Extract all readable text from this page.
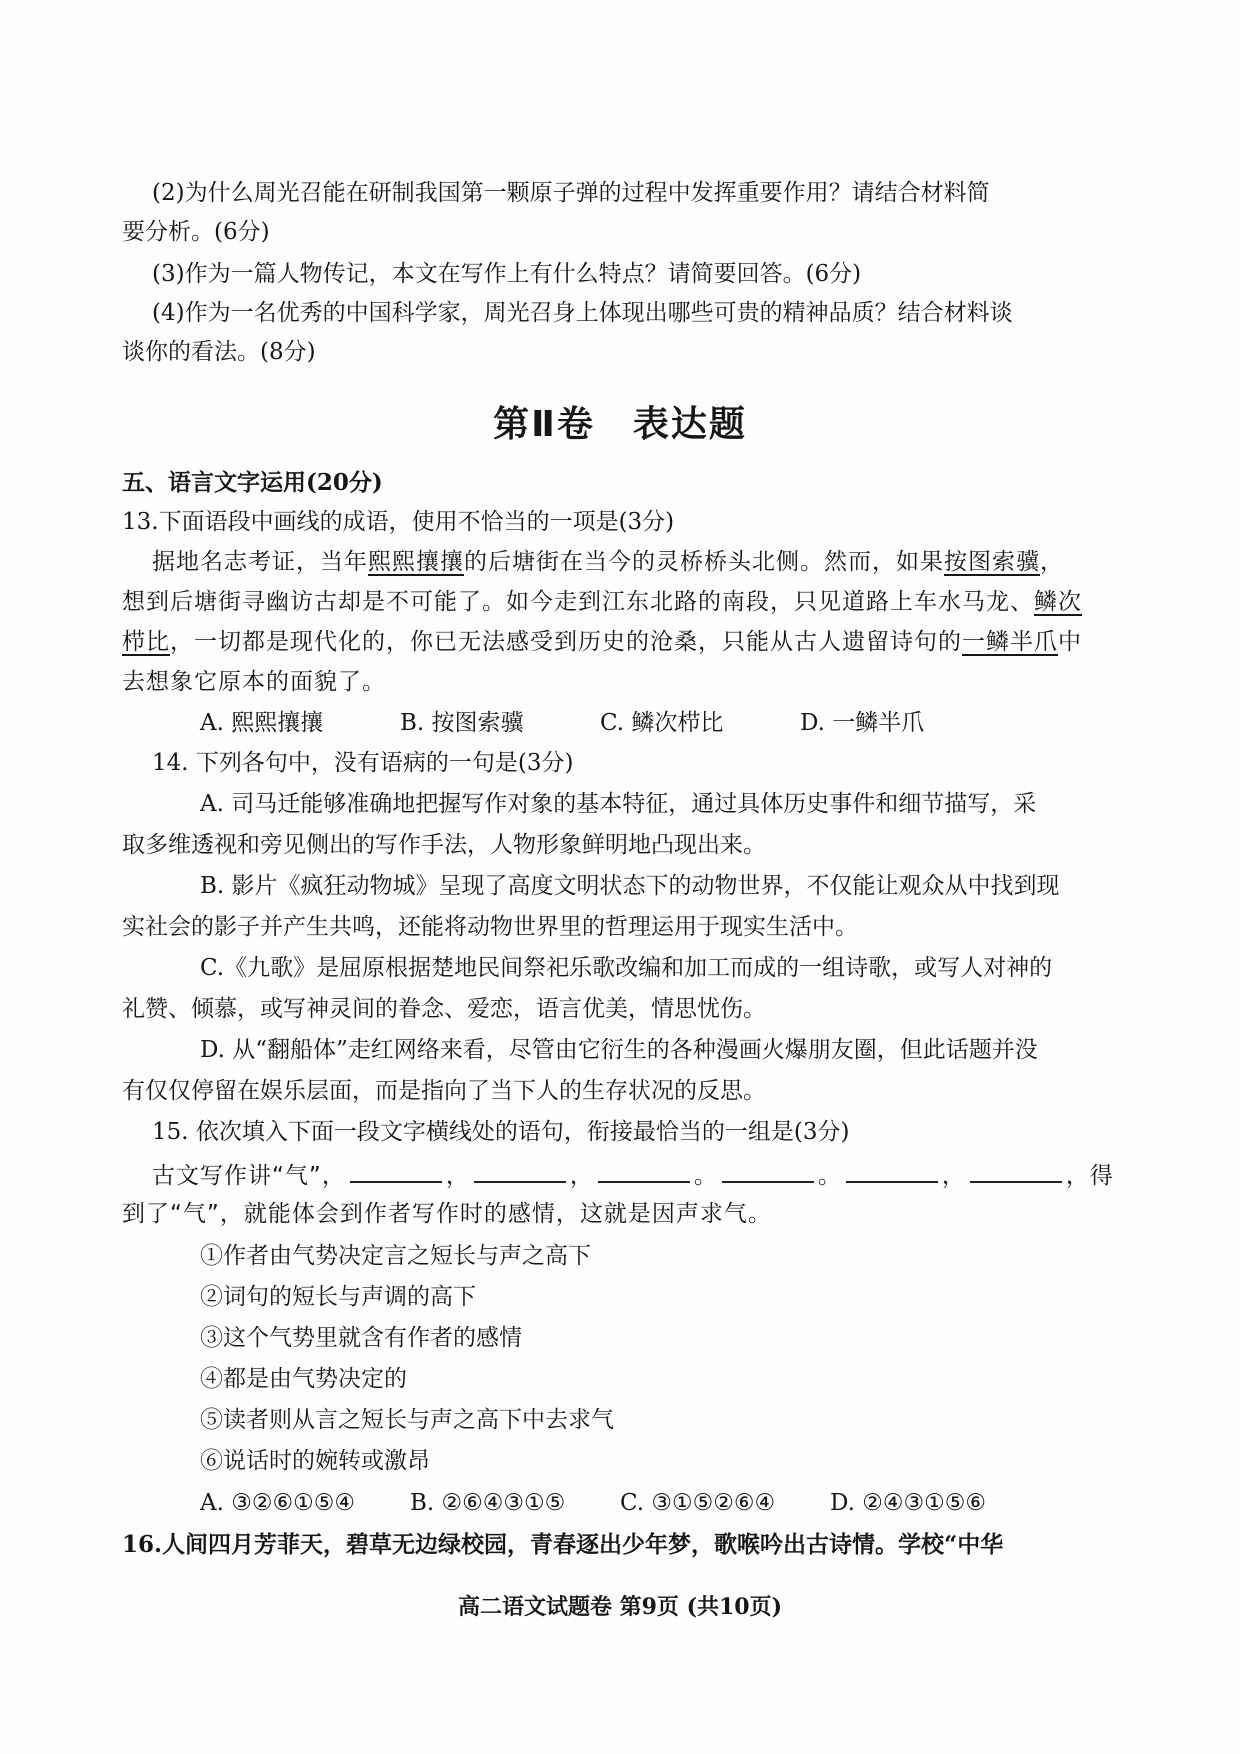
(2)为什么周光召能在研制我国第一颗原子弹的过程中发挥重要作用？请结合材料简
要分析。(6分)
(3)作为一篇人物传记，本文在写作上有什么特点？请简要回答。(6分)
(4)作为一名优秀的中国科学家，周光召身上体现出哪些可贵的精神品质？结合材料谈
谈你的看法。(8分)
第Ⅱ卷　表达题
五、语言文字运用(20分)
13.下面语段中画线的成语，使用不恰当的一项是(3分)
据地名志考证，当年熙熙攘攘的后塘街在当今的灵桥桥头北侧。然而，如果按图索骥，
想到后塘街寻幽访古却是不可能了。如今走到江东北路的南段，只见道路上车水马龙、鳞次
栉比，一切都是现代化的，你已无法感受到历史的沧桑，只能从古人遗留诗句的一鳞半爪中
去想象它原本的面貌了。
A. 熙熙攘攘	B. 按图索骥	C. 鳞次栉比	D. 一鳞半爪
14. 下列各句中，没有语病的一句是(3分)
A. 司马迁能够准确地把握写作对象的基本特征，通过具体历史事件和细节描写，采
取多维透视和旁见侧出的写作手法，人物形象鲜明地凸现出来。
B. 影片《疯狂动物城》呈现了高度文明状态下的动物世界，不仅能让观众从中找到现
实社会的影子并产生共鸣，还能将动物世界里的哲理运用于现实生活中。
C.《九歌》是屈原根据楚地民间祭祀乐歌改编和加工而成的一组诗歌，或写人对神的
礼赞、倾慕，或写神灵间的眷念、爱恋，语言优美，情思忧伤。
D. 从“翻船体”走红网络来看，尽管由它衍生的各种漫画火爆朋友圈，但此话题并没
有仅仅停留在娱乐层面，而是指向了当下人的生存状况的反思。
15. 依次填入下面一段文字横线处的语句，衔接最恰当的一组是(3分)
古文写作讲“气”，	，	，	。	。	，	，得
到了“气”，就能体会到作者写作时的感情，这就是因声求气。
①作者由气势决定言之短长与声之高下
②词句的短长与声调的高下
③这个气势里就含有作者的感情
④都是由气势决定的
⑤读者则从言之短长与声之高下中去求气
⑥说话时的婉转或激昂
A. ③②⑥①⑤④ B. ②⑥④③①⑤ C. ③①⑤②⑥④ D. ②④③①⑤⑥
16.人间四月芳菲天，碧草无边绿校园，青春逐出少年梦，歌喉吟出古诗情。学校“中华
高二语文试题卷 第9页 (共10页)
